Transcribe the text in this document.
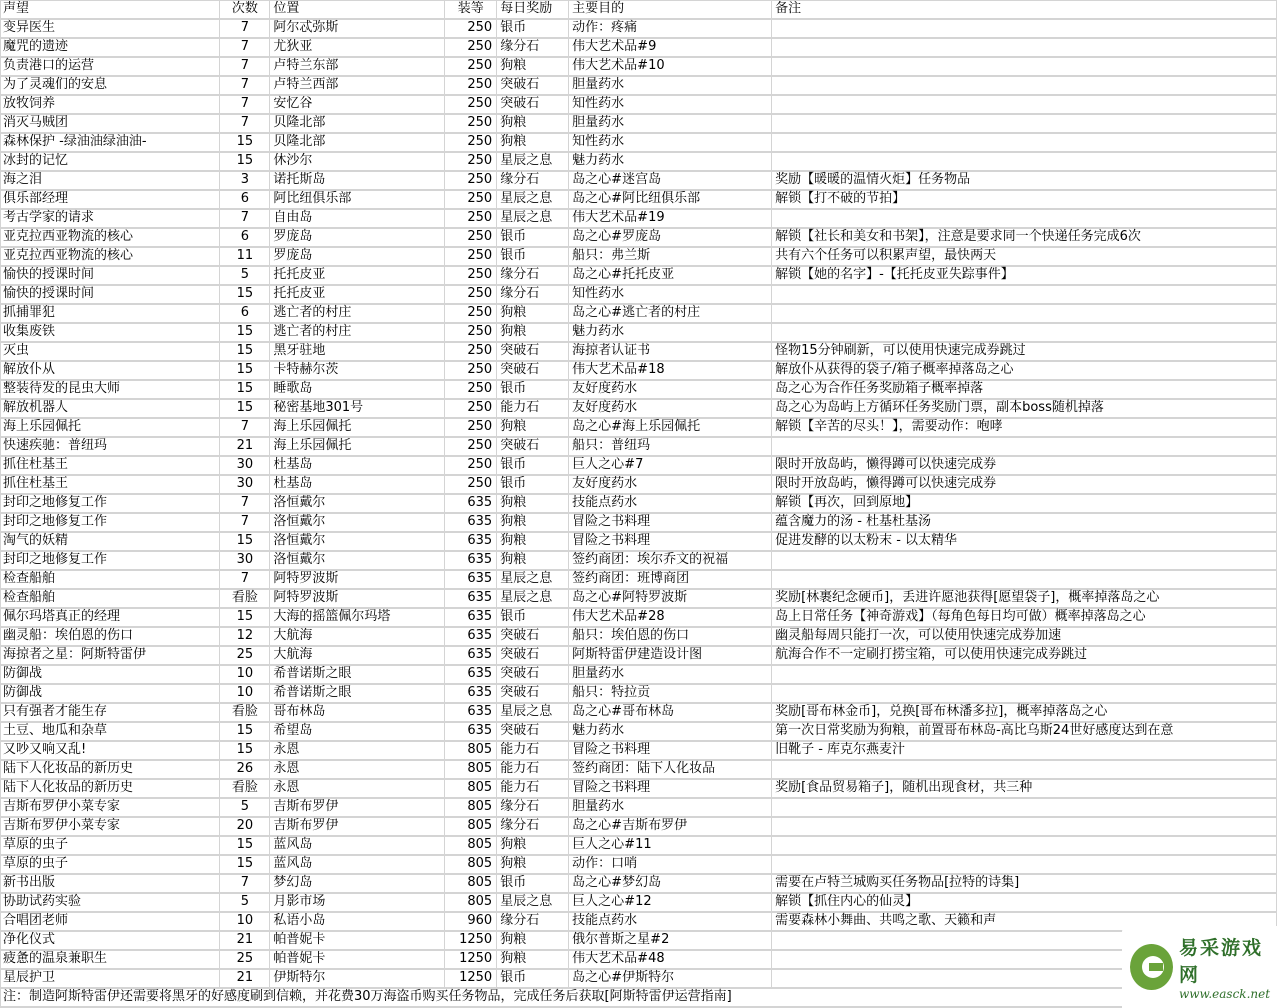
声望	次数	位置	装等	每日奖励	主要目的	备注
变异医生	7	阿尔忒弥斯	250	银币	动作：疼痛	
魔咒的遗迹	7	尤狄亚	250	缘分石	伟大艺术品#9	
负责港口的运营	7	卢特兰东部	250	狗粮	伟大艺术品#10	
为了灵魂们的安息	7	卢特兰西部	250	突破石	胆量药水	
放牧饲养	7	安忆谷	250	突破石	知性药水	
消灭马贼团	7	贝隆北部	250	狗粮	胆量药水	
森林保护 -绿油油绿油油-	15	贝隆北部	250	狗粮	知性药水	
冰封的记忆	15	休沙尔	250	星辰之息	魅力药水	
海之泪	3	诺托斯岛	250	缘分石	岛之心#迷宫岛	奖励【暖暖的温情火炬】任务物品
俱乐部经理	6	阿比纽俱乐部	250	星辰之息	岛之心#阿比纽俱乐部	解锁【打不破的节拍】
考古学家的请求	7	自由岛	250	星辰之息	伟大艺术品#19	
亚克拉西亚物流的核心	6	罗庞岛	250	银币	岛之心#罗庞岛	解锁【社长和美女和书架】，注意是要求同一个快递任务完成6次
亚克拉西亚物流的核心	11	罗庞岛	250	银币	船只：弗兰斯	共有六个任务可以积累声望，最快两天
愉快的授课时间	5	托托皮亚	250	缘分石	岛之心#托托皮亚	解锁【她的名字】-【托托皮亚失踪事件】
愉快的授课时间	15	托托皮亚	250	缘分石	知性药水	
抓捕罪犯	6	逃亡者的村庄	250	狗粮	岛之心#逃亡者的村庄	
收集废铁	15	逃亡者的村庄	250	狗粮	魅力药水	
灭虫	15	黑牙驻地	250	突破石	海掠者认证书	怪物15分钟刷新，可以使用快速完成券跳过
解放仆从	15	卡特赫尔茨	250	突破石	伟大艺术品#18	解放仆从获得的袋子/箱子概率掉落岛之心
整装待发的昆虫大师	15	睡歌岛	250	银币	友好度药水	岛之心为合作任务奖励箱子概率掉落
解放机器人	15	秘密基地301号	250	能力石	友好度药水	岛之心为岛屿上方循环任务奖励门票，副本boss随机掉落
海上乐园佩托	7	海上乐园佩托	250	狗粮	岛之心#海上乐园佩托	解锁【辛苦的尽头！】，需要动作：咆哮
快速疾驰：普纽玛	21	海上乐园佩托	250	突破石	船只：普纽玛	
抓住杜基王	30	杜基岛	250	银币	巨人之心#7	限时开放岛屿，懒得蹲可以快速完成券
抓住杜基王	30	杜基岛	250	银币	友好度药水	限时开放岛屿，懒得蹲可以快速完成券
封印之地修复工作	7	洛恒戴尔	635	狗粮	技能点药水	解锁【再次，回到原地】
封印之地修复工作	7	洛恒戴尔	635	狗粮	冒险之书料理	蕴含魔力的汤 - 杜基杜基汤
淘气的妖精	15	洛恒戴尔	635	狗粮	冒险之书料理	促进发酵的以太粉末 - 以太精华
封印之地修复工作	30	洛恒戴尔	635	狗粮	签约商团：埃尔乔文的祝福	
检查船舶	7	阿特罗波斯	635	星辰之息	签约商团：班博商团	
检查船舶	看脸	阿特罗波斯	635	星辰之息	岛之心#阿特罗波斯	奖励[林裹纪念硬币]，丢进许愿池获得[愿望袋子]，概率掉落岛之心
佩尔玛塔真正的经理	15	大海的摇篮佩尔玛塔	635	银币	伟大艺术品#28	岛上日常任务【神奇游戏】（每角色每日均可做）概率掉落岛之心
幽灵船：埃伯恩的伤口	12	大航海	635	突破石	船只：埃伯恩的伤口	幽灵船每周只能打一次，可以使用快速完成券加速
海掠者之星：阿斯特雷伊	25	大航海	635	突破石	阿斯特雷伊建造设计图	航海合作不一定刷打捞宝箱，可以使用快速完成券跳过
防御战	10	希普诺斯之眼	635	突破石	胆量药水	
防御战	10	希普诺斯之眼	635	突破石	船只：特拉贡	
只有强者才能生存	看脸	哥布林岛	635	星辰之息	岛之心#哥布林岛	奖励[哥布林金币]，兑换[哥布林潘多拉]，概率掉落岛之心
土豆、地瓜和杂草	15	希望岛	635	突破石	魅力药水	第一次日常奖励为狗粮，前置哥布林岛-高比乌斯24世好感度达到在意
又吵又响又乱!	15	永恩	805	能力石	冒险之书料理	旧靴子 - 库克尔燕麦汁
陆下人化妆品的新历史	26	永恩	805	能力石	签约商团：陆下人化妆品	
陆下人化妆品的新历史	看脸	永恩	805	能力石	冒险之书料理	奖励[食品贸易箱子]，随机出现食材，共三种
吉斯布罗伊小菜专家	5	吉斯布罗伊	805	缘分石	胆量药水	
吉斯布罗伊小菜专家	20	吉斯布罗伊	805	缘分石	岛之心#吉斯布罗伊	
草原的虫子	15	蓝风岛	805	狗粮	巨人之心#11	
草原的虫子	15	蓝风岛	805	狗粮	动作：口哨	
新书出版	7	梦幻岛	805	银币	岛之心#梦幻岛	需要在卢特兰城购买任务物品[拉特的诗集]
协助试药实验	5	月影市场	805	星辰之息	巨人之心#12	解锁【抓住内心的仙灵】
合唱团老师	10	私语小岛	960	缘分石	技能点药水	需要森林小舞曲、共鸣之歌、天籁和声
净化仪式	21	帕普妮卡	1250	狗粮	俄尔普斯之星#2	
疲惫的温泉兼职生	25	帕普妮卡	1250	狗粮	伟大艺术品#48	
星辰护卫	21	伊斯特尔	1250	银币	岛之心#伊斯特尔	
注：制造阿斯特雷伊还需要将黑牙的好感度刷到信赖，并花费30万海盗币购买任务物品，完成任务后获取[阿斯特雷伊运营指南]						
易采游戏网
www.easck.net
